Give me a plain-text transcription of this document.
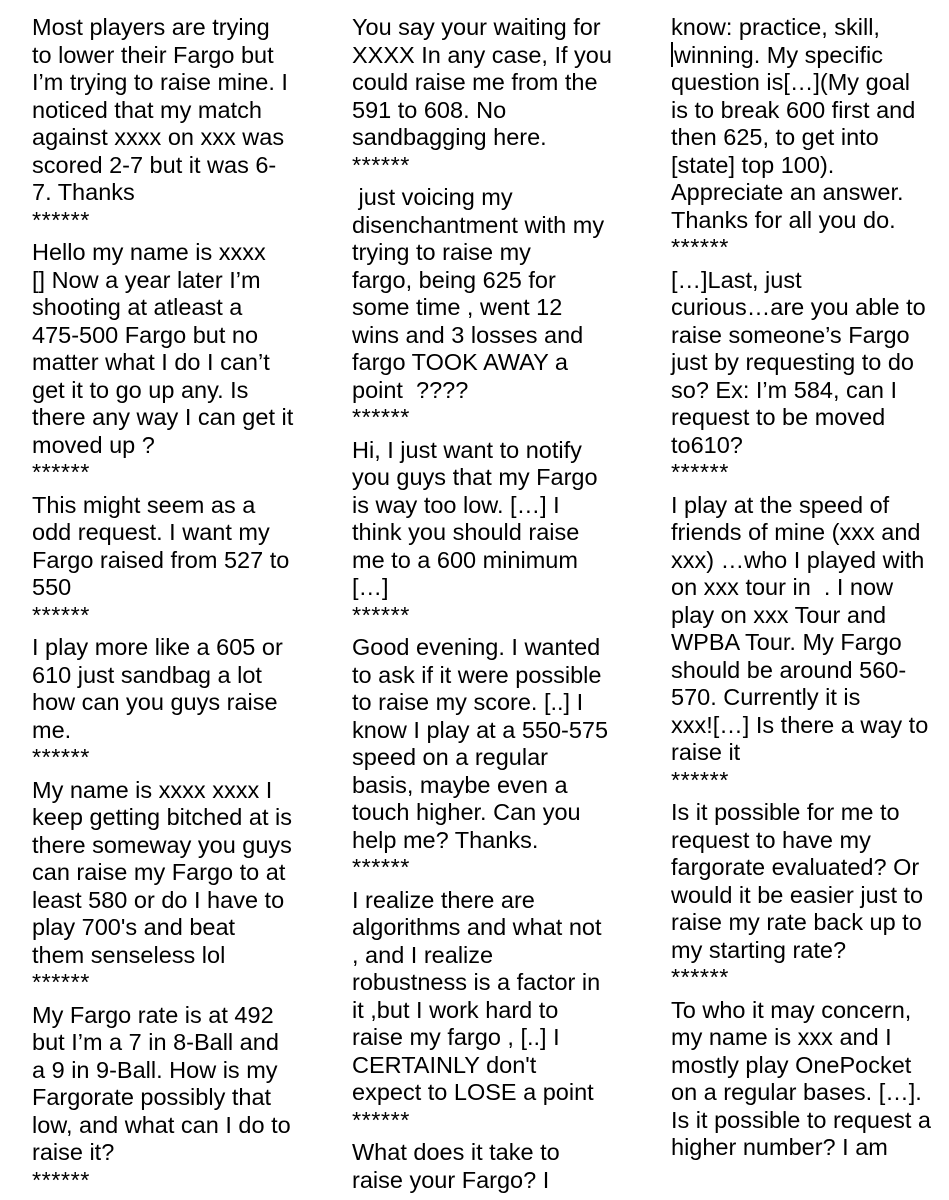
Most players are trying
to lower their Fargo but
I’m trying to raise mine. I
noticed that my match
against xxxx on xxx was
scored 2-7 but it was 6-
7. Thanks
******
Hello my name is xxxx
[] Now a year later I’m
shooting at atleast a
475-500 Fargo but no
matter what I do I can’t
get it to go up any. Is
there any way I can get it
moved up ?
******
This might seem as a
odd request. I want my
Fargo raised from 527 to
550
******
I play more like a 605 or
610 just sandbag a lot
how can you guys raise
me.
******
My name is xxxx xxxx I
keep getting bitched at is
there someway you guys
can raise my Fargo to at
least 580 or do I have to
play 700's and beat
them senseless lol
******
My Fargo rate is at 492
but I’m a 7 in 8-Ball and
a 9 in 9-Ball. How is my
Fargorate possibly that
low, and what can I do to
raise it?
******
You say your waiting for
XXXX In any case, If you
could raise me from the
591 to 608. No
sandbagging here.
******
just voicing my
disenchantment with my
trying to raise my
fargo, being 625 for
some time , went 12
wins and 3 losses and
fargo TOOK AWAY a
point  ????
******
Hi, I just want to notify
you guys that my Fargo
is way too low. […] I
think you should raise
me to a 600 minimum
[…]
******
Good evening. I wanted
to ask if it were possible
to raise my score. [..] I
know I play at a 550-575
speed on a regular
basis, maybe even a
touch higher. Can you
help me? Thanks.
******
I realize there are
algorithms and what not
, and I realize
robustness is a factor in
it ,but I work hard to
raise my fargo , [..] I
CERTAINLY don't
expect to LOSE a point
******
What does it take to
raise your Fargo? I
know: practice, skill,
winning. My specific
question is[…](My goal
is to break 600 first and
then 625, to get into
[state] top 100).
Appreciate an answer.
Thanks for all you do.
******
[…]Last, just
curious…are you able to
raise someone’s Fargo
just by requesting to do
so? Ex: I’m 584, can I
request to be moved
to610?
******
I play at the speed of
friends of mine (xxx and
xxx) …who I played with
on xxx tour in  . I now
play on xxx Tour and
WPBA Tour. My Fargo
should be around 560-
570. Currently it is
xxx![…] Is there a way to
raise it
******
Is it possible for me to
request to have my
fargorate evaluated? Or
would it be easier just to
raise my rate back up to
my starting rate?
******
To who it may concern,
my name is xxx and I
mostly play OnePocket
on a regular bases. […].
Is it possible to request a
higher number? I am
